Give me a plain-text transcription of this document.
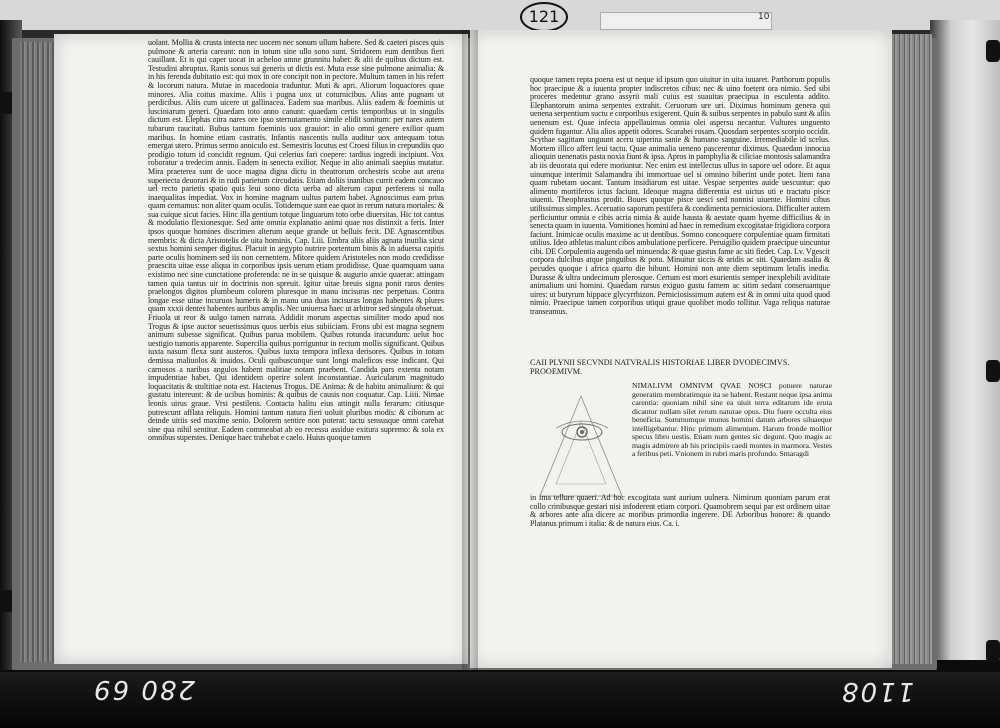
121	10

uolant. Mollia & crusta intecta nec uocem nec sonum ullum habere. Sed & caeteri pisces quis pulmone & arteria careant: non in totum sine ullo sono sunt. Stridorem eum dentibus fieri cauillant. Et is qui caper uocat in acheloo amne grunnitu habet: & alii de quibus dictum est. Testudini abruptus. Ranis sonus sui generis ut dictis est. Muta esse sine pulmone animalia: & in his ferenda dubitatio est: qui mox in ore concipit non in pectore. Multum tamen in his refert & locorum natura. Mutae in macedonia traduntur. Muti & apri. Aliorum loquaciores quae minores. Alia coitus maxime. Aliis i pugna uox ut coturnicibus. Alias ante pugnam ut perdicibus. Aliis cum uicere ut gallinacea. Eadem sua maribus. Aliis eadem & foeminis ut lusciniarum generi. Quaedam toto anno canunt: quaedam certis temporibus ut in singulis dictum est. Elephas citra nares ore ipso sternutamento simile elidit sonitum: per nares autem tubarum raucitati. Bubus tantum foeminis uox grauior: in alio omni genere exilior quam maribus. In homine etiam castratis. Infantis nascentis nulla auditur uox antequam totus emergat utero. Primus sermo anniculo est. Semestris locutus est Croesi filius in crepundiis quo prodigio totum id concidit regnum. Qui celerius fari coepere: tardius ingredi incipiunt. Vox roboratur a tredecim annis. Eadem in senecta exilior. Neque in alio animali saepius mutatur. Mira praeterea sunt de uoce magna digna dictu in theatrorum orchestris scobe aut arena superiecta deuorari & in rudi parietum circudatis. Etiam doliis inanibus currit eadem concauo uel recto parietis spatio quis leui sono dicta uerba ad alterum caput perferens si nulla inaequalitas impediat. Vox in homine magnam uultus partem habet. Agnoscimus eam prius quam cernamus: non aliter quam oculis. Totidemque sunt eae quot in rerum natura mortales: & sua cuique sicut facies. Hinc illa gentium totque linguarum toto orbe diuersitas. Hic tot cantus & modulatio flexionesque. Sed ante omnia explanatio animi quae nos distinxit a feris. Inter ipsos quoque homines discrimen alterum aeque grande ut belluis fecit. DE Agnascentibus membris: & dicta Aristotelis de uita hominis. Cap. Liii. Embra aliis aliis agnata inutilia sicut sextus homini semper digitus. Placuit in aegypto nutrire portentum binis & in aduersa capitis parte oculis hominem sed iis non cernentem. Mitore quidem Aristoteles non modo credidisse praescita uitae esse aliqua in corporibus ipsis uerum etiam prodidisse. Quae quamquam uana existimo nec sine cunctatione proferenda: ne in se quisque & augurio anxie quaerat: attingam tamen quia tantus uir in doctrinis non spreuit. Igitur uitae breuis signa ponit raros dentes praelongos digitos plumbeum colorem pluresque in manu incisuras nec perpetuas. Contra longae esse uitae incuruos humeris & in manu una duas incisuras longas habentes & plures quam xxxii dentes habentes auribus amplis. Nec uniuersa haec ut arbitror sed singula obseruat. Friuola ut reor & uulgo tamen narrata. Addidit morum aspectus similiter modo apud nos Trogus & ipse auctor seuerissimus quos uerbis eius subiiciam. Frons ubi est magna segnem animum subesse significat. Quibus parua mobilem. Quibus rotunda iracundum: uelut hoc uestigio tumoris apparente. Supercilia quibus porriguntur in rectum mollis significant. Quibus iuxta nasum flexa sunt austeros. Quibus iuxta tempora inflexa derisores. Quibus in totum demissa maliuolos & inuidos. Oculi quibuscunque sunt longi maleficos esse indicant. Qui carnosos a naribus angulos habent malitiae notam praebent. Candida pars extenta notam impudentiae habet. Qui identidem operire solent inconstantiae. Auricularum magnitudo loquacitatis & stultitiae nota est. Hactenus Trogus. DE Anima: & de habitu animalium: & qui gustatu intereunt: & de ucibus hominis: & quibus de causis non coquatur. Cap. Liiii. Nimae leonis uirus graue. Vrsi pestilens. Contacta halitu eius attingit nulla ferarum: citiusque putrescunt afflata reliquis. Homini tantum natura fieri uoluit pluribus modis: & ciborum ac deinde uitiis sed maxime senio. Dolorem sentire non poterat: tactu sensusque omni carebat sine qua nihil sentitur. Eadem commeabat ab eo recessu assidue exitura supremo: & sola ex omnibus superstes. Denique haec trahebat e caelo. Huius quoque tamen

quoque tamen repta poena est ut neque id ipsum quo uiuitur in uita iuuaret. Parthorum populis hoc praecipue & a iuuenta propter indiscretos cibus: nec & uino foetent ora nimio. Sed sibi proceres medentur grano assyrii mali cuius est suauitas praecipua in esculenta addito. Elephantorum anima serpentes extrahit. Ceruorum ure uri. Diximus hominum genera qui uenena serpentium suctu e corporibus exigerent. Quin & suibus serpentes in pabulo sunt & aliis uenenum est. Quae infecta appellauimus omnia olei aspersu necantur. Vultures unguento quidem fugantur. Alia alios appetit odores. Scarabei rosam. Quosdam serpentes scorpio occidit. Scythae sagittam unguunt aceru uiperina sanie & humano sanguine. Irremediabile id scelus. Mortem illico affert leui tactu. Quae animalia ueneno pascerentur diximus. Quaedam innocua alioquin uenenatis pasta noxia fiunt & ipsa. Apros in pamphylia & ciliciae montosis salamandra ab iis deuorata qui edere moriuntur. Nec enim est intellectus ullus in sapore uel odore. Et aqua uinumque interimit Salamandra ibi immortuae uel si omnino biberint unde potet. Item rana quam rubetam uocant. Tantum insidiarum est uitae. Vespae serpentes auide uescuntur: quo alimento mortiferos ictus faciunt. Ideoque magna differentia est uictus uti e tractatu pisce uiuenti. Theophrastus prodit. Boues quoque pisce uesci sed nonnisi uiuente. Homini cibus utilissimus simplex. Aceruatio saporum pestifera & condimenta perniciosiora. Difficulter autem perficiuntur omnia e cibis acria nimia & auide hausta & aestate quam hyeme difficilius & in senecta quam in iuuenta. Vomitiones homini ad haec in remedium excogitatae frigidiora corpora faciunt. Inimicae oculis maxime ac ut dentibus. Somno concoquere corpulentiae quam firmitati utilius. Ideo athletas malunt cibos ambulatione perficere. Peruigilio quidem praecipue uincuntur cibi. DE Corpulentia augenda uel minuenda: & quae gustus fame ac siti fiedet. Cap. Lv. Vgescit corpora dulcibus atque pinguibus & potu. Minuitur siccis & aridis ac siti. Quaedam asalia & pecudes quoque i africa quarto die bibunt. Homini non ante diem septimum letalis inedia. Durasse & ultra undecimum plerosque. Certum est mori esurientis semper inexplebili aviditate animalium uni homini. Quaedam rursus exiguo gustu famem ac sitim sedant conseruantque uires: ut butyrum hippace glycyrrhizon. Perniciosissimum autem est & in omni uita quod quod nimio. Praecipue tamen corporibus utiqui graue quolibet modo tollitur. Vaga reliqua naturae transeamus.

CAII PLYNII SECVNDI NATVRALIS HISTORIAE LIBER DVODECIMVS. PROOEMIVM.

NIMALIVM OMNIVM QVAE NOSCI potuere naturae generatim membratimque ita se habent. Restant neque ipsa anima carentia: quoniam nihil sine ea uiuit terra editarum ide eruta dicantur nullam silet rerum naturae opus. Diu fuere occulta eius beneficia. Summumque munus homini datum arbores siluaeque intelligebantur. Hinc primum alimentum. Harum fronde mollior specus libro uestis. Etiam num gentes sic degunt. Quo magis ac magis admirere ab his principiis caedi montes in marmora. Vestes a feribus peti. Vnionem in rubri maris profundo. Smaragdi

in ima tellure quaeri. Ad hoc excogitata sunt aurium uulnera. Nimirum quoniam parum erat collo crinibusque gestari nisi infoderent etiam corpori. Quamobrem sequi par est ordinem uitae & arbores ante alia dicere ac moribus primordia ingerere. DE Arboribus honore: & quando Platanus primum i italia: & de natura eius. Ca. i.

280 69	1108
